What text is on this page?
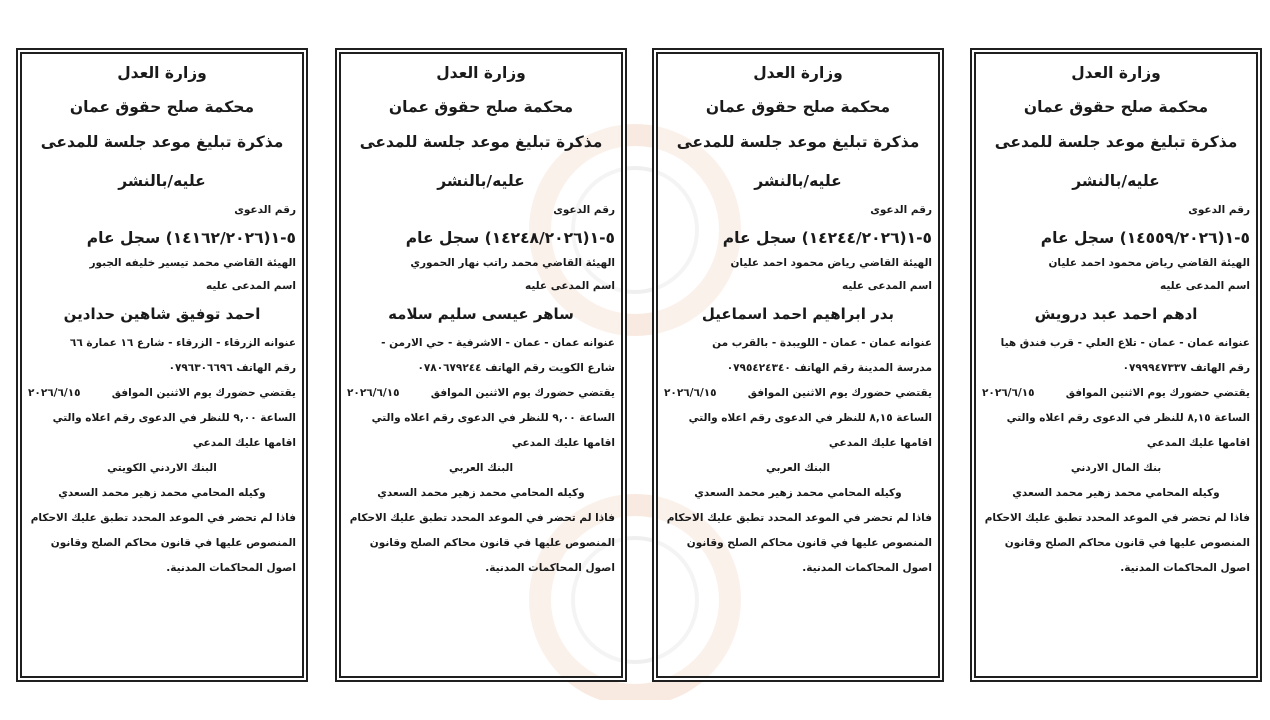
وزارة العدل
محكمة صلح حقوق عمان
مذكرة تبليغ موعد جلسة للمدعى
عليه/بالنشر
رقم الدعوى
٥-١(١٤٥٥٩/٢٠٢٦) سجل عام
الهيئة القاضي رياض محمود احمد عليان
اسم المدعى عليه
ادهم احمد عبد درويش

عنوانه عمان - عمان - تلاع العلي - قرب فندق هيا

رقم الهاتف ٠٧٩٩٩٤٧٣٣٧

يقتضي حضورك يوم الاثنين الموافق
٢٠٢٦/٦/١٥

الساعة ٨,١٥ للنظر في الدعوى رقم اعلاه والتي

اقامها عليك المدعي

بنك المال الاردني

وكيله المحامي محمد زهير محمد السعدي

فاذا لم تحضر في الموعد المحدد تطبق عليك الاحكام

المنصوص عليها في قانون محاكم الصلح وقانون

اصول المحاكمات المدنية.

وزارة العدل
محكمة صلح حقوق عمان
مذكرة تبليغ موعد جلسة للمدعى
عليه/بالنشر
رقم الدعوى
٥-١(١٤٢٤٤/٢٠٢٦) سجل عام
الهيئة القاضي رياض محمود احمد عليان
اسم المدعى عليه
بدر ابراهيم احمد اسماعيل

عنوانه عمان - عمان - اللويبدة - بالقرب من

مدرسة المدينة رقم الهاتف ٠٧٩٥٤٢٤٣٤٠

يقتضي حضورك يوم الاثنين الموافق
٢٠٢٦/٦/١٥

الساعة ٨,١٥ للنظر في الدعوى رقم اعلاه والتي

اقامها عليك المدعي

البنك العربي

وكيله المحامي محمد زهير محمد السعدي

فاذا لم تحضر في الموعد المحدد تطبق عليك الاحكام

المنصوص عليها في قانون محاكم الصلح وقانون

اصول المحاكمات المدنية.

وزارة العدل
محكمة صلح حقوق عمان
مذكرة تبليغ موعد جلسة للمدعى
عليه/بالنشر
رقم الدعوى
٥-١(١٤٢٤٨/٢٠٢٦) سجل عام
الهيئة القاضي محمد راتب نهار الحموري
اسم المدعى عليه
ساهر عيسى سليم سلامه

عنوانه عمان - عمان - الاشرفية - حي الارمن -

شارع الكويت رقم الهاتف ٠٧٨٠٦٧٩٢٤٤

يقتضي حضورك يوم الاثنين الموافق
٢٠٢٦/٦/١٥

الساعة ٩,٠٠ للنظر في الدعوى رقم اعلاه والتي

اقامها عليك المدعي

البنك العربي

وكيله المحامي محمد زهير محمد السعدي

فاذا لم تحضر في الموعد المحدد تطبق عليك الاحكام

المنصوص عليها في قانون محاكم الصلح وقانون

اصول المحاكمات المدنية.

وزارة العدل
محكمة صلح حقوق عمان
مذكرة تبليغ موعد جلسة للمدعى
عليه/بالنشر
رقم الدعوى
٥-١(١٤١٦٢/٢٠٢٦) سجل عام
الهيئة القاضي محمد تيسير خليفه الجبور
اسم المدعى عليه
احمد توفيق شاهين حدادين

عنوانه الزرقاء - الزرقاء - شارع ١٦ عمارة ٦٦

رقم الهاتف ٠٧٩٦٣٠٦٦٩٦

يقتضي حضورك يوم الاثنين الموافق
٢٠٢٦/٦/١٥

الساعة ٩,٠٠ للنظر في الدعوى رقم اعلاه والتي

اقامها عليك المدعي

البنك الاردني الكويتي

وكيله المحامي محمد زهير محمد السعدي

فاذا لم تحضر في الموعد المحدد تطبق عليك الاحكام

المنصوص عليها في قانون محاكم الصلح وقانون

اصول المحاكمات المدنية.
